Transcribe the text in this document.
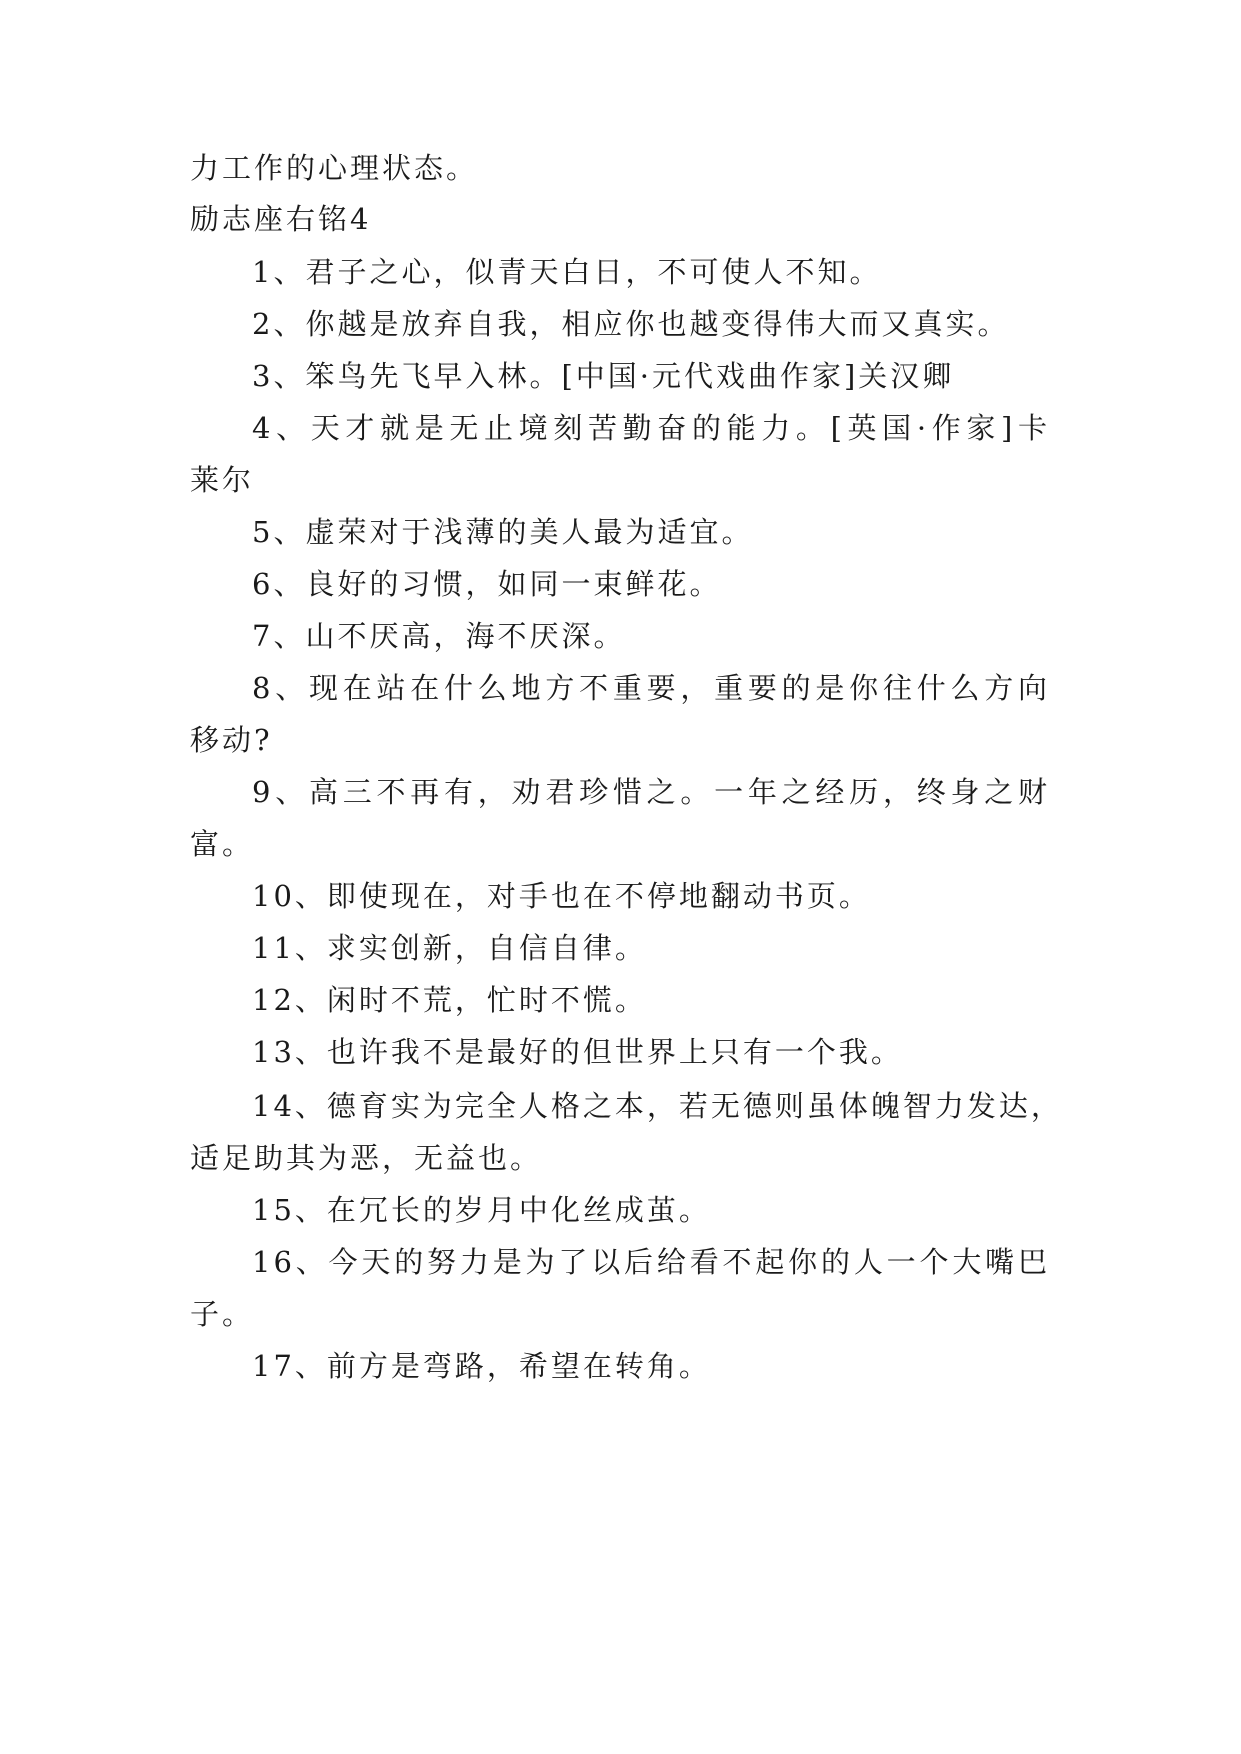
力工作的心理状态。
励志座右铭4
1、君子之心，似青天白日，不可使人不知。
2、你越是放弃自我，相应你也越变得伟大而又真实。
3、笨鸟先飞早入林。[中国·元代戏曲作家]关汉卿
4、天才就是无止境刻苦勤奋的能力。[英国·作家]卡
莱尔
5、虚荣对于浅薄的美人最为适宜。
6、良好的习惯，如同一束鲜花。
7、山不厌高，海不厌深。
8、现在站在什么地方不重要，重要的是你往什么方向
移动?
9、高三不再有，劝君珍惜之。一年之经历，终身之财
富。
10、即使现在，对手也在不停地翻动书页。
11、求实创新，自信自律。
12、闲时不荒，忙时不慌。
13、也许我不是最好的但世界上只有一个我。
14、德育实为完全人格之本，若无德则虽体魄智力发达，
适足助其为恶，无益也。
15、在冗长的岁月中化丝成茧。
16、今天的努力是为了以后给看不起你的人一个大嘴巴
子。
17、前方是弯路，希望在转角。
